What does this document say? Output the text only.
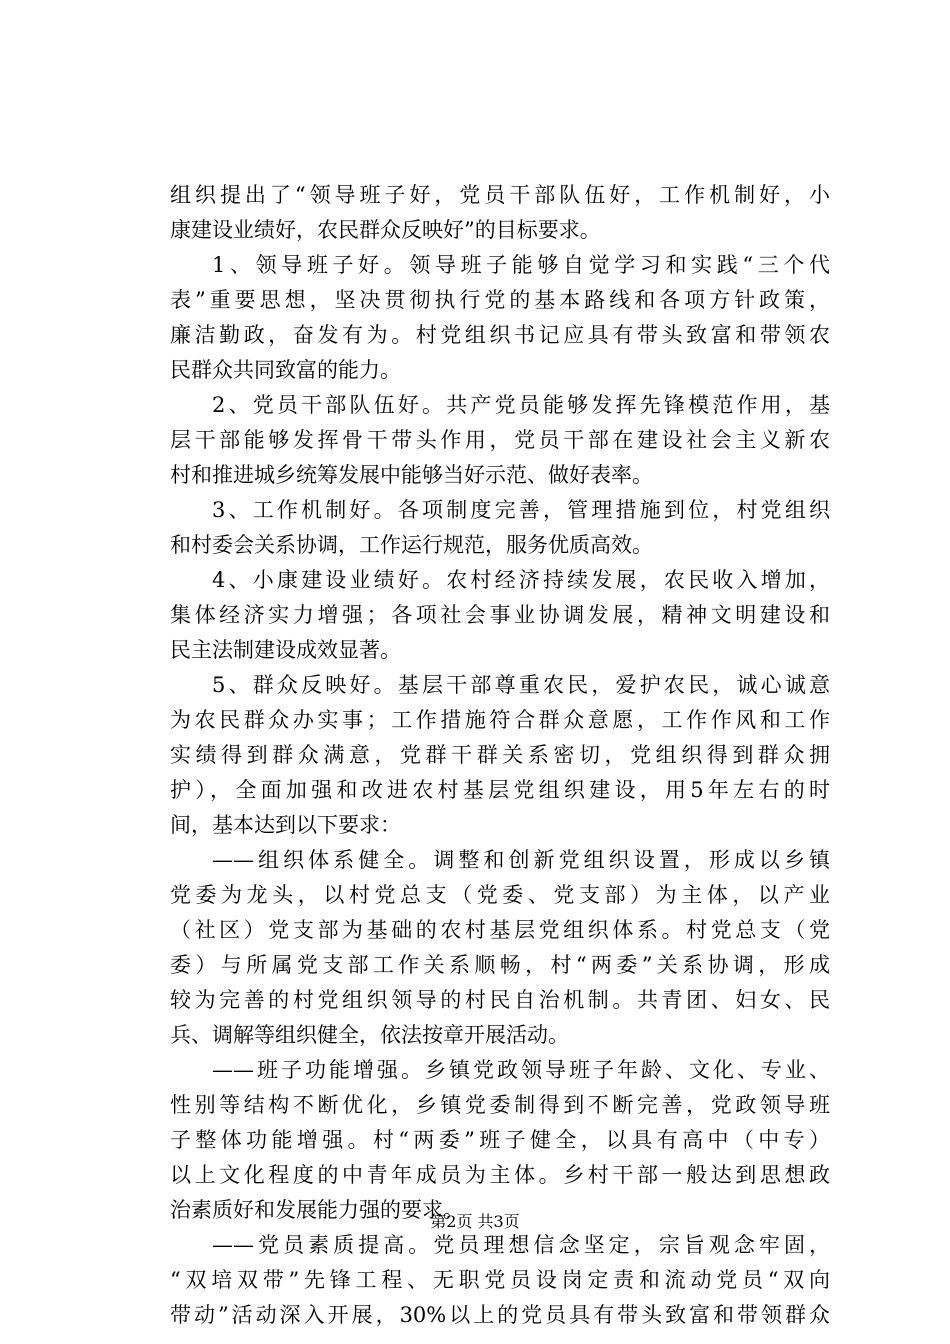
组织提出了“领导班子好，党员干部队伍好，工作机制好，小
康建设业绩好，农民群众反映好”的目标要求。
1、领导班子好。领导班子能够自觉学习和实践“三个代
表”重要思想，坚决贯彻执行党的基本路线和各项方针政策，
廉洁勤政，奋发有为。村党组织书记应具有带头致富和带领农
民群众共同致富的能力。
2、党员干部队伍好。共产党员能够发挥先锋模范作用，基
层干部能够发挥骨干带头作用，党员干部在建设社会主义新农
村和推进城乡统筹发展中能够当好示范、做好表率。
3、工作机制好。各项制度完善，管理措施到位，村党组织
和村委会关系协调，工作运行规范，服务优质高效。
4、小康建设业绩好。农村经济持续发展，农民收入增加，
集体经济实力增强；各项社会事业协调发展，精神文明建设和
民主法制建设成效显著。
5、群众反映好。基层干部尊重农民，爱护农民，诚心诚意
为农民群众办实事；工作措施符合群众意愿，工作作风和工作
实绩得到群众满意，党群干群关系密切，党组织得到群众拥
护），全面加强和改进农村基层党组织建设，用5年左右的时
间，基本达到以下要求：
——组织体系健全。调整和创新党组织设置，形成以乡镇
党委为龙头，以村党总支（党委、党支部）为主体，以产业
（社区）党支部为基础的农村基层党组织体系。村党总支（党
委）与所属党支部工作关系顺畅，村“两委”关系协调，形成
较为完善的村党组织领导的村民自治机制。共青团、妇女、民
兵、调解等组织健全，依法按章开展活动。
——班子功能增强。乡镇党政领导班子年龄、文化、专业、
性别等结构不断优化，乡镇党委制得到不断完善，党政领导班
子整体功能增强。村“两委”班子健全，以具有高中（中专）
以上文化程度的中青年成员为主体。乡村干部一般达到思想政
治素质好和发展能力强的要求。
——党员素质提高。党员理想信念坚定，宗旨观念牢固，
“双培双带”先锋工程、无职党员设岗定责和流动党员“双向
带动”活动深入开展，30%以上的党员具有带头致富和带领群众
第2页 共3页
